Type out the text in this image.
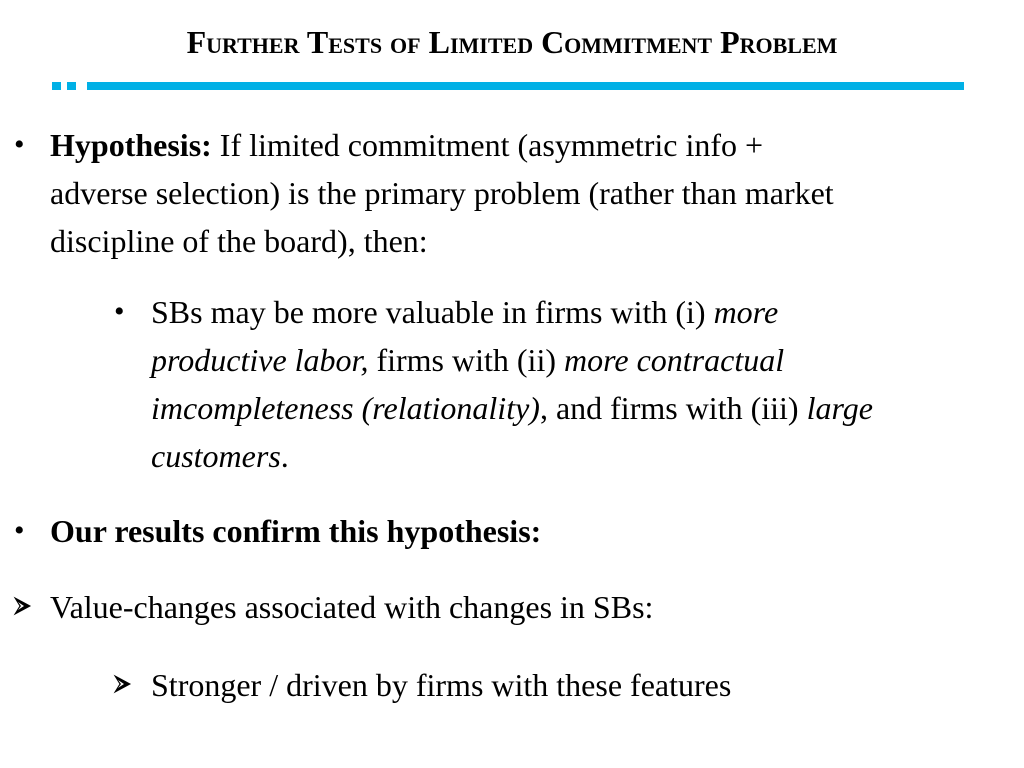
Further Tests of Limited Commitment Problem
• Hypothesis: If limited commitment (asymmetric info +
adverse selection) is the primary problem (rather than market
discipline of the board), then:
• SBs may be more valuable in firms with (i) more
productive labor, firms with (ii) more contractual
imcompleteness (relationality), and firms with (iii) large
customers.
• Our results confirm this hypothesis:
Value-changes associated with changes in SBs:
Stronger / driven by firms with these features
